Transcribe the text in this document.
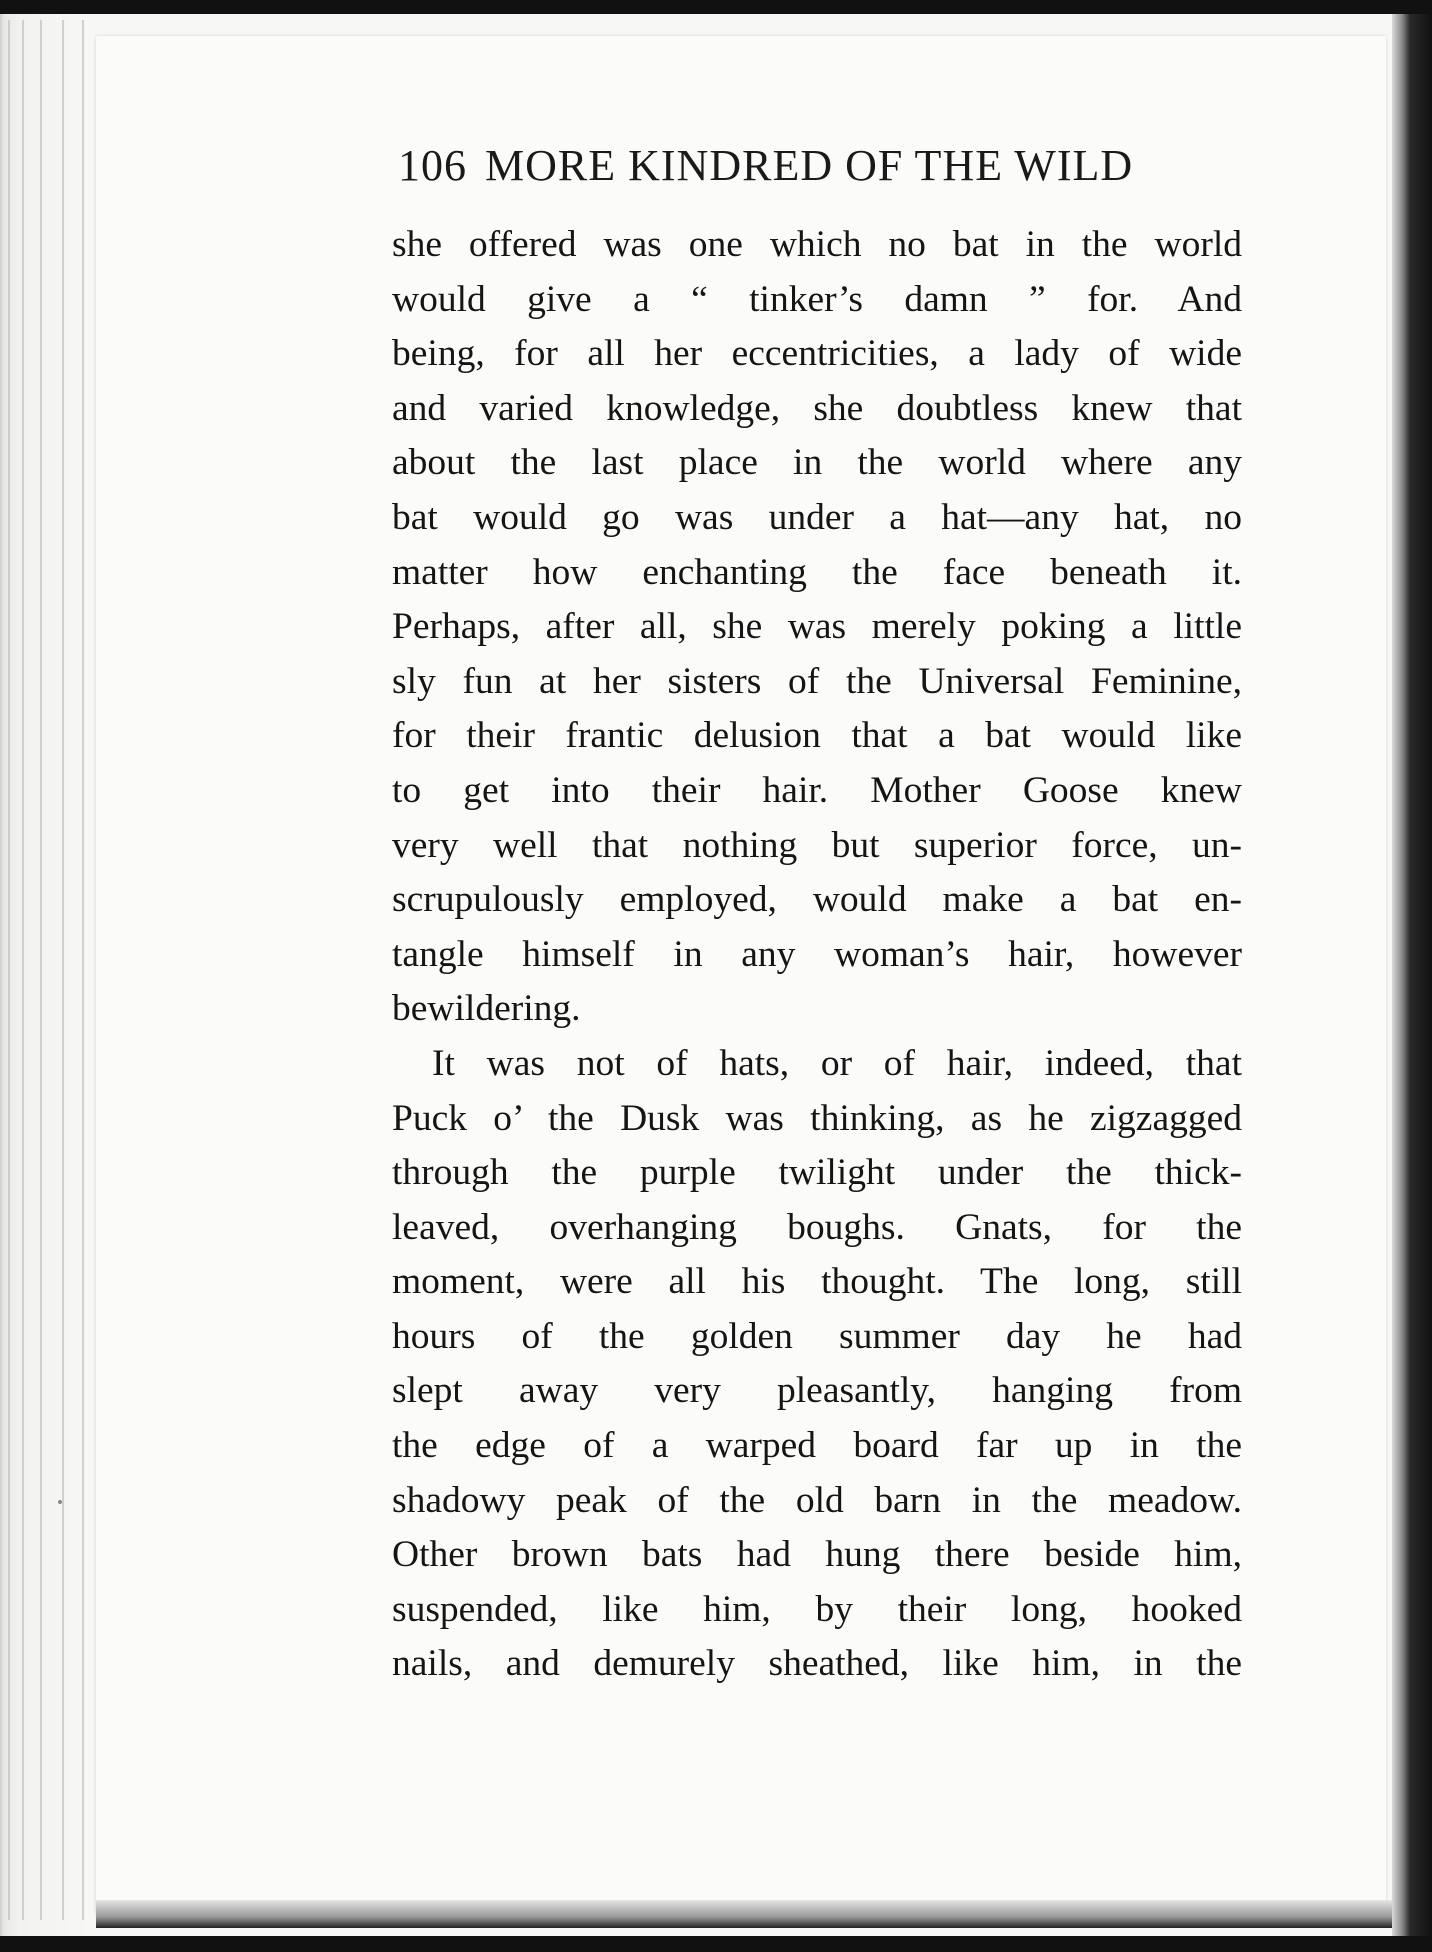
106 MORE KINDRED OF THE WILD
she offered was one which no bat in the world
would give a “ tinker’s damn ” for. And
being, for all her eccentricities, a lady of wide
and varied knowledge, she doubtless knew that
about the last place in the world where any
bat would go was under a hat—any hat, no
matter how enchanting the face beneath it.
Perhaps, after all, she was merely poking a little
sly fun at her sisters of the Universal Feminine,
for their frantic delusion that a bat would like
to get into their hair. Mother Goose knew
very well that nothing but superior force, un-
scrupulously employed, would make a bat en-
tangle himself in any woman’s hair, however
bewildering.
It was not of hats, or of hair, indeed, that
Puck o’ the Dusk was thinking, as he zigzagged
through the purple twilight under the thick-
leaved, overhanging boughs. Gnats, for the
moment, were all his thought. The long, still
hours of the golden summer day he had
slept away very pleasantly, hanging from
the edge of a warped board far up in the
shadowy peak of the old barn in the meadow.
Other brown bats had hung there beside him,
suspended, like him, by their long, hooked
nails, and demurely sheathed, like him, in the
